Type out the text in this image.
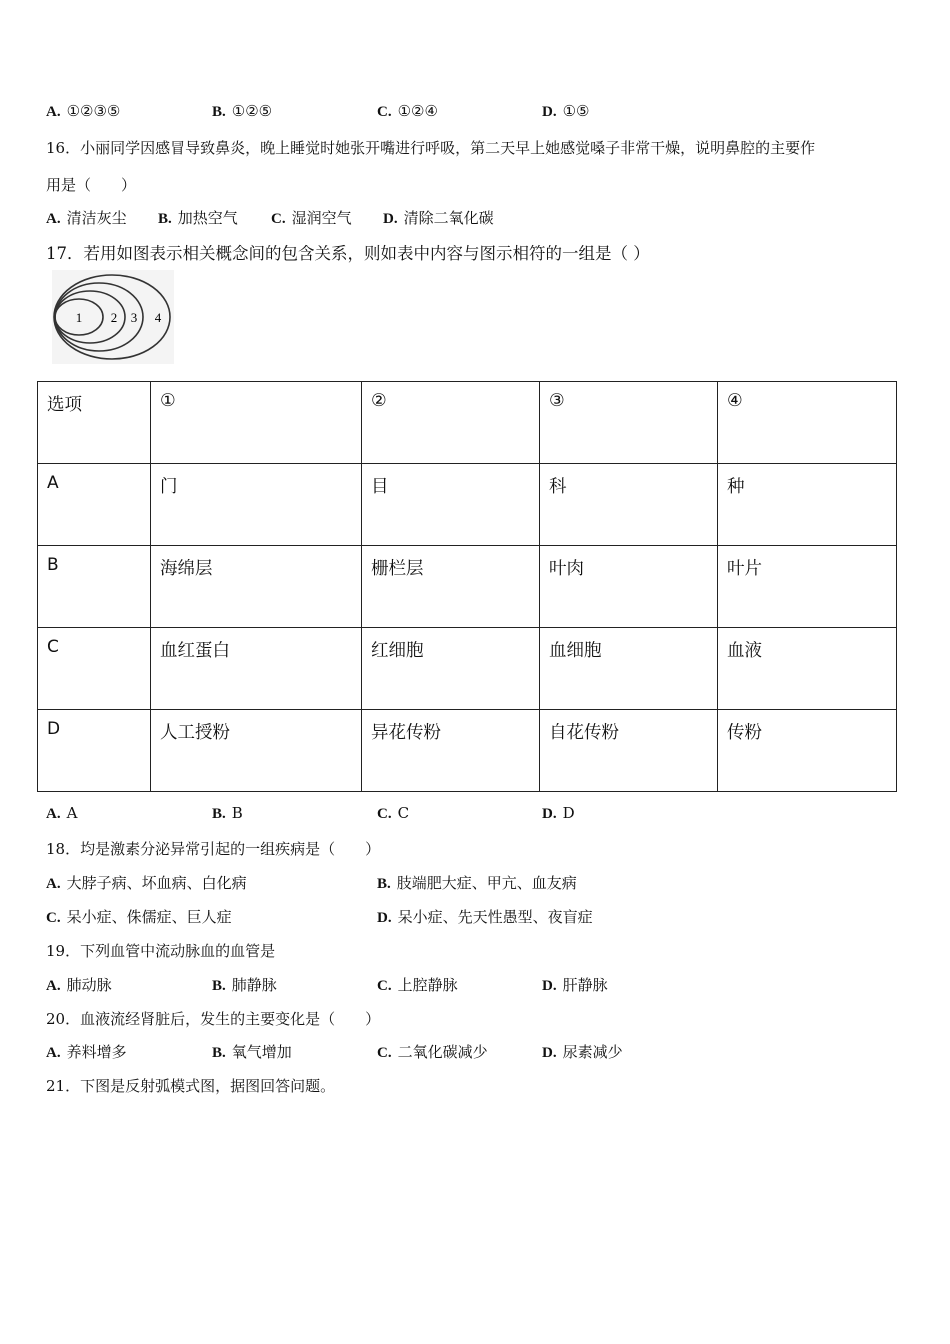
A. ①②③⑤	B. ①②⑤	C. ①②④	D. ①⑤
16．小丽同学因感冒导致鼻炎，晚上睡觉时她张开嘴进行呼吸，第二天早上她感觉嗓子非常干燥，说明鼻腔的主要作
用是（　　）
A. 清洁灰尘 B. 加热空气 C. 湿润空气 D. 清除二氧化碳
17．若用如图表示相关概念间的包含关系，则如表中内容与图示相符的一组是（ ）
1 2 3 4
选项	①	②	③	④
A	门	目	科	种
B	海绵层	栅栏层	叶肉	叶片
C	血红蛋白	红细胞	血细胞	血液
D	人工授粉	异花传粉	自花传粉	传粉
A. A	B. B	C. C	D. D
18．均是激素分泌异常引起的一组疾病是（　　）
A. 大脖子病、坏血病、白化病	B. 肢端肥大症、甲亢、血友病
C. 呆小症、侏儒症、巨人症	D. 呆小症、先天性愚型、夜盲症
19．下列血管中流动脉血的血管是
A. 肺动脉	B. 肺静脉	C. 上腔静脉	D. 肝静脉
20．血液流经肾脏后，发生的主要变化是（　　）
A. 养料增多	B. 氧气增加	C. 二氧化碳减少	D. 尿素减少
21．下图是反射弧模式图，据图回答问题。
